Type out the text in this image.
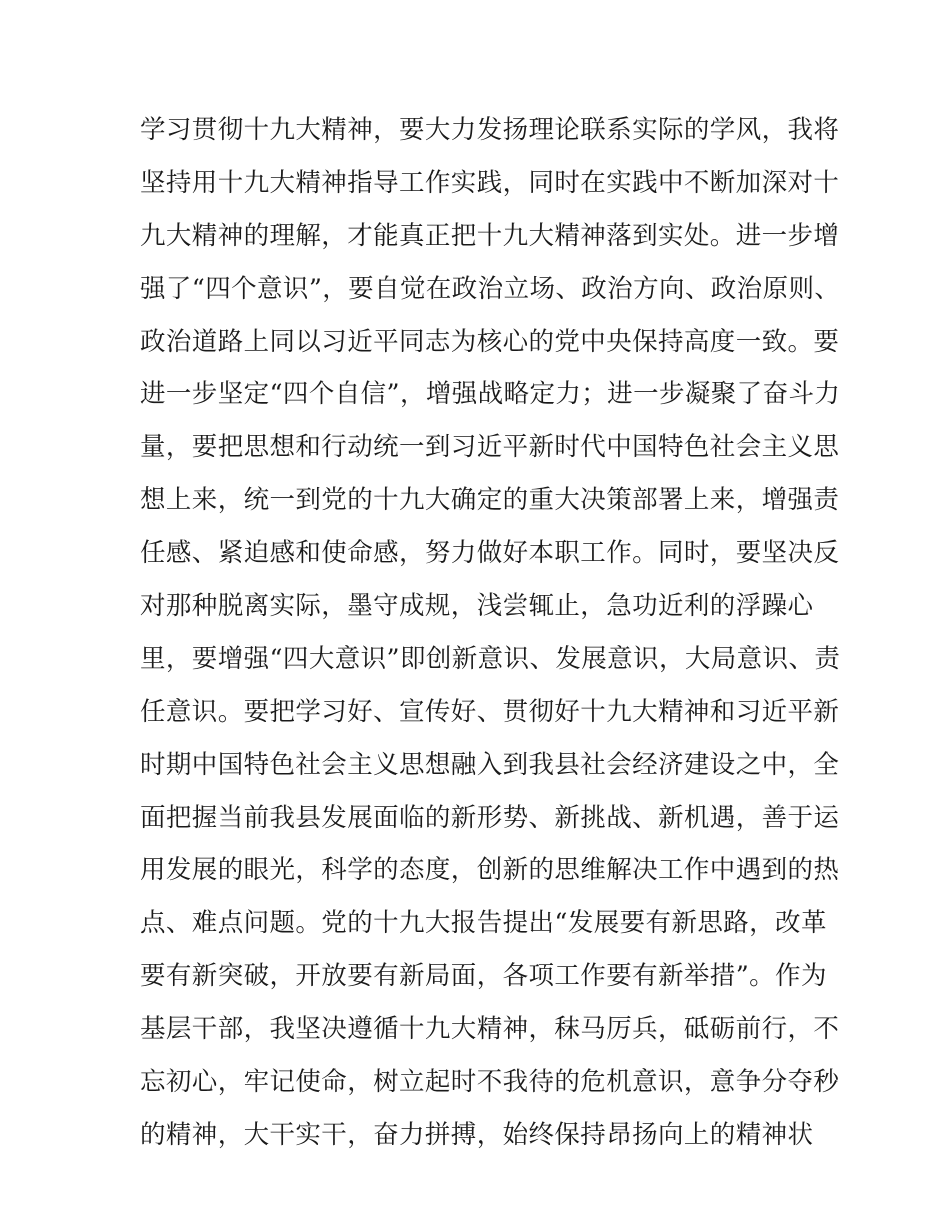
学习贯彻十九大精神，要大力发扬理论联系实际的学风，我将
坚持用十九大精神指导工作实践，同时在实践中不断加深对十
九大精神的理解，才能真正把十九大精神落到实处。进一步增
强了“四个意识”，要自觉在政治立场、政治方向、政治原则、
政治道路上同以习近平同志为核心的党中央保持高度一致。要
进一步坚定“四个自信”，增强战略定力；进一步凝聚了奋斗力
量，要把思想和行动统一到习近平新时代中国特色社会主义思
想上来，统一到党的十九大确定的重大决策部署上来，增强责
任感、紧迫感和使命感，努力做好本职工作。同时，要坚决反
对那种脱离实际，墨守成规，浅尝辄止，急功近利的浮躁心
里，要增强“四大意识”即创新意识、发展意识，大局意识、责
任意识。要把学习好、宣传好、贯彻好十九大精神和习近平新
时期中国特色社会主义思想融入到我县社会经济建设之中，全
面把握当前我县发展面临的新形势、新挑战、新机遇，善于运
用发展的眼光，科学的态度，创新的思维解决工作中遇到的热
点、难点问题。党的十九大报告提出“发展要有新思路，改革
要有新突破，开放要有新局面，各项工作要有新举措”。作为
基层干部，我坚决遵循十九大精神，秣马厉兵，砥砺前行，不
忘初心，牢记使命，树立起时不我待的危机意识，意争分夺秒
的精神，大干实干，奋力拼搏，始终保持昂扬向上的精神状
